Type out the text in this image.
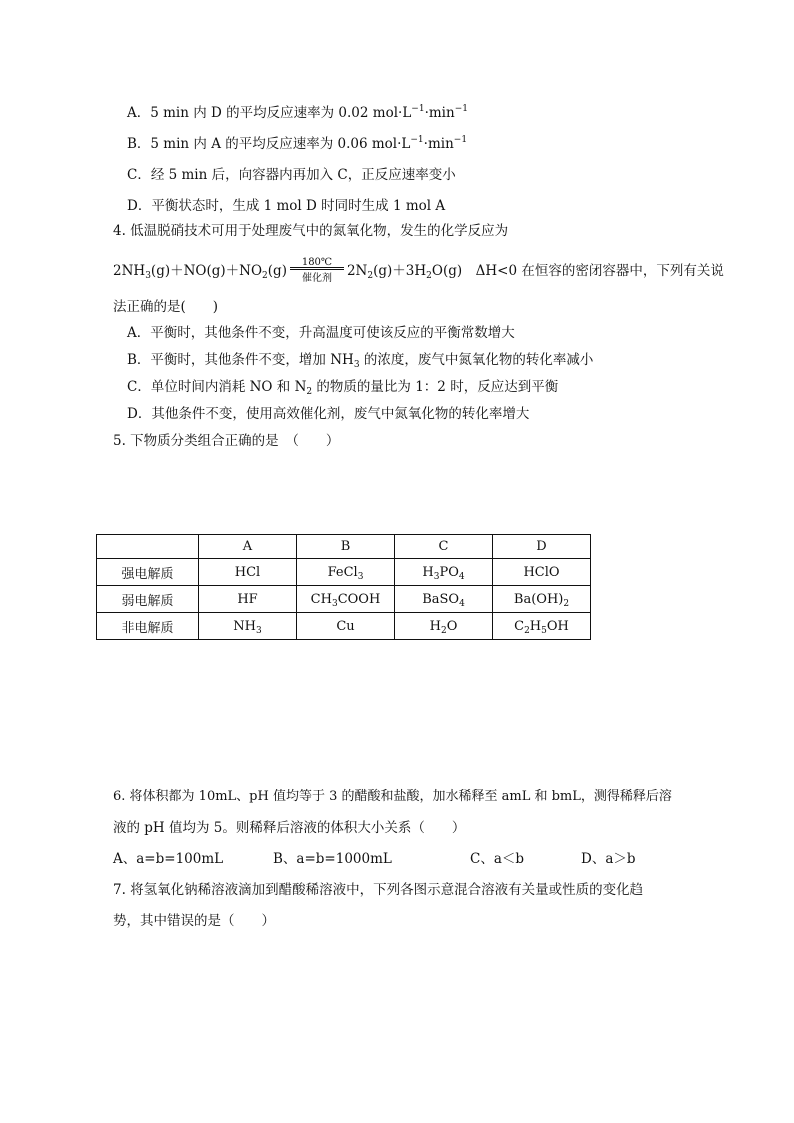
A．5 min 内 D 的平均反应速率为 0.02 $mol\cdot L^{-1}\cdot\min^{-1}$
B．5 min 内 A 的平均反应速率为 0.06 $mol\cdot L^{-1}\cdot\min^{-1}$
C．经 5 min 后，向容器内再加入 C，正反应速率变小
D．平衡状态时，生成 1 mol D 时同时生成 1 mol A
4. 低温脱硝技术可用于处理废气中的氮氧化物，发生的化学反应为
$2NH_3(g)+NO(g)+NO_2(g)$
180℃
催化剂	$2N_2(g)+3H_2O(g)$　ΔH<0 在恒容的密闭容器中，下列有关说
法正确的是(　　)
A．平衡时，其他条件不变，升高温度可使该反应的平衡常数增大
B．平衡时，其他条件不变，增加 $NH_3$ 的浓度，废气中氮氧化物的转化率减小
C．单位时间内消耗 NO 和 $N_2$ 的物质的量比为 1：2 时，反应达到平衡
D．其他条件不变，使用高效催化剂，废气中氮氧化物的转化率增大
5. 下物质分类组合正确的是　（　　）
	A	B	C	D
强电解质	HCl	FeCl$_3$	$H_3PO_4$	HClO
弱电解质	HF	$CH_3COOH$	BaSO$_4$	$Ba(OH)_2$
非电解质	$NH_3$	Cu	$H_2O$	$C_2H_5OH$
6. 将体积都为 10mL、pH 值均等于 3 的醋酸和盐酸，加水稀释至 amL 和 bmL，测得稀释后溶
液的 pH 值均为 5。则稀释后溶液的体积大小关系（　　）
A、a=b=100mL	B、a=b=1000mL	C、a＜b	D、a＞b
7. 将氢氧化钠稀溶液滴加到醋酸稀溶液中，下列各图示意混合溶液有关量或性质的变化趋
势，其中错误的是（　　）
